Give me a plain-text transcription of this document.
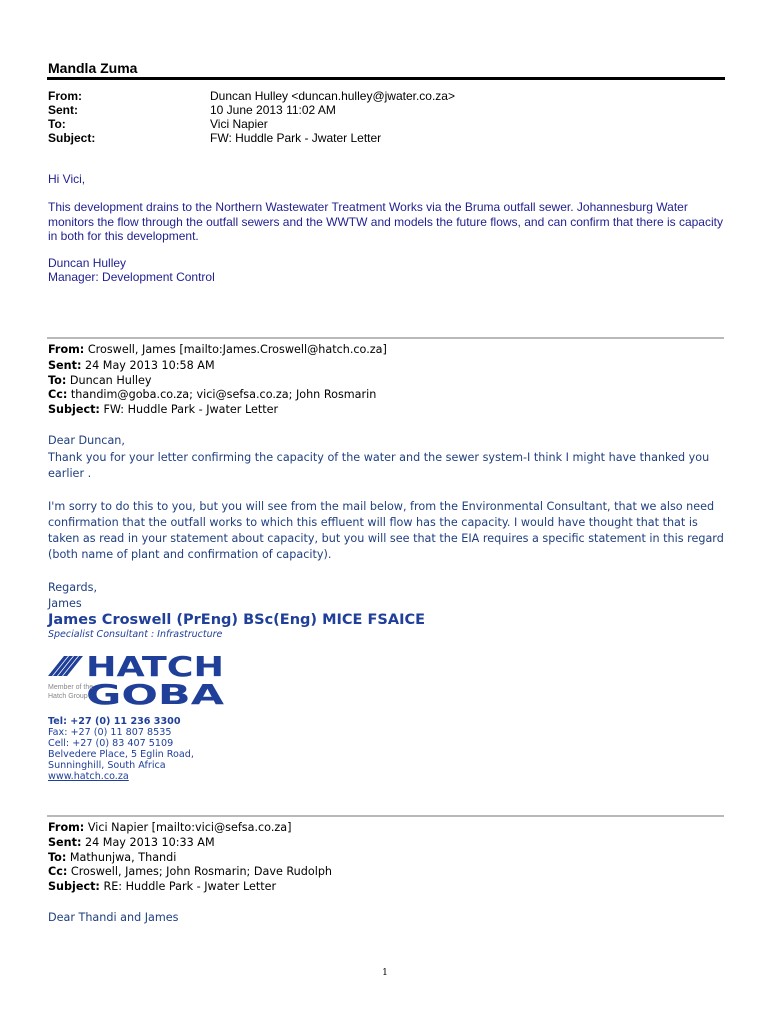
Mandla Zuma
From:
Sent:
To:
Subject:
Duncan Hulley <duncan.hulley@jwater.co.za>
10 June 2013 11:02 AM
Vici Napier
FW: Huddle Park - Jwater Letter
Hi Vici,
This development drains to the Northern Wastewater Treatment Works via the Bruma outfall sewer. Johannesburg Water monitors the flow through the outfall sewers and the WWTW and models the future flows, and can confirm that there is capacity in both for this development.
Duncan Hulley
Manager: Development Control
From: Croswell, James [mailto:James.Croswell@hatch.co.za]
Sent: 24 May 2013 10:58 AM
To: Duncan Hulley
Cc: thandim@goba.co.za; vici@sefsa.co.za; John Rosmarin
Subject: FW: Huddle Park - Jwater Letter
Dear Duncan,
Thank you for your letter confirming the capacity of the water and the sewer system-I think I might have thanked you earlier .
I'm sorry to do this to you, but you will see from the mail below, from the Environmental Consultant, that we also need confirmation that the outfall works to which this effluent will flow has the capacity. I would have thought that that is taken as read in your statement about capacity, but you will see that the EIA requires a specific statement in this regard (both name of plant and confirmation of capacity).
Regards,
James
James Croswell (PrEng) BSc(Eng) MICE FSAICE
Specialist Consultant : Infrastructure
HATCH
GOBA
Member of the
Hatch Group
Tel: +27 (0) 11 236 3300
Fax: +27 (0) 11 807 8535
Cell: +27 (0) 83 407 5109
Belvedere Place, 5 Eglin Road,
Sunninghill, South Africa
www.hatch.co.za
From: Vici Napier [mailto:vici@sefsa.co.za]
Sent: 24 May 2013 10:33 AM
To: Mathunjwa, Thandi
Cc: Croswell, James; John Rosmarin; Dave Rudolph
Subject: RE: Huddle Park - Jwater Letter
Dear Thandi and James
1
